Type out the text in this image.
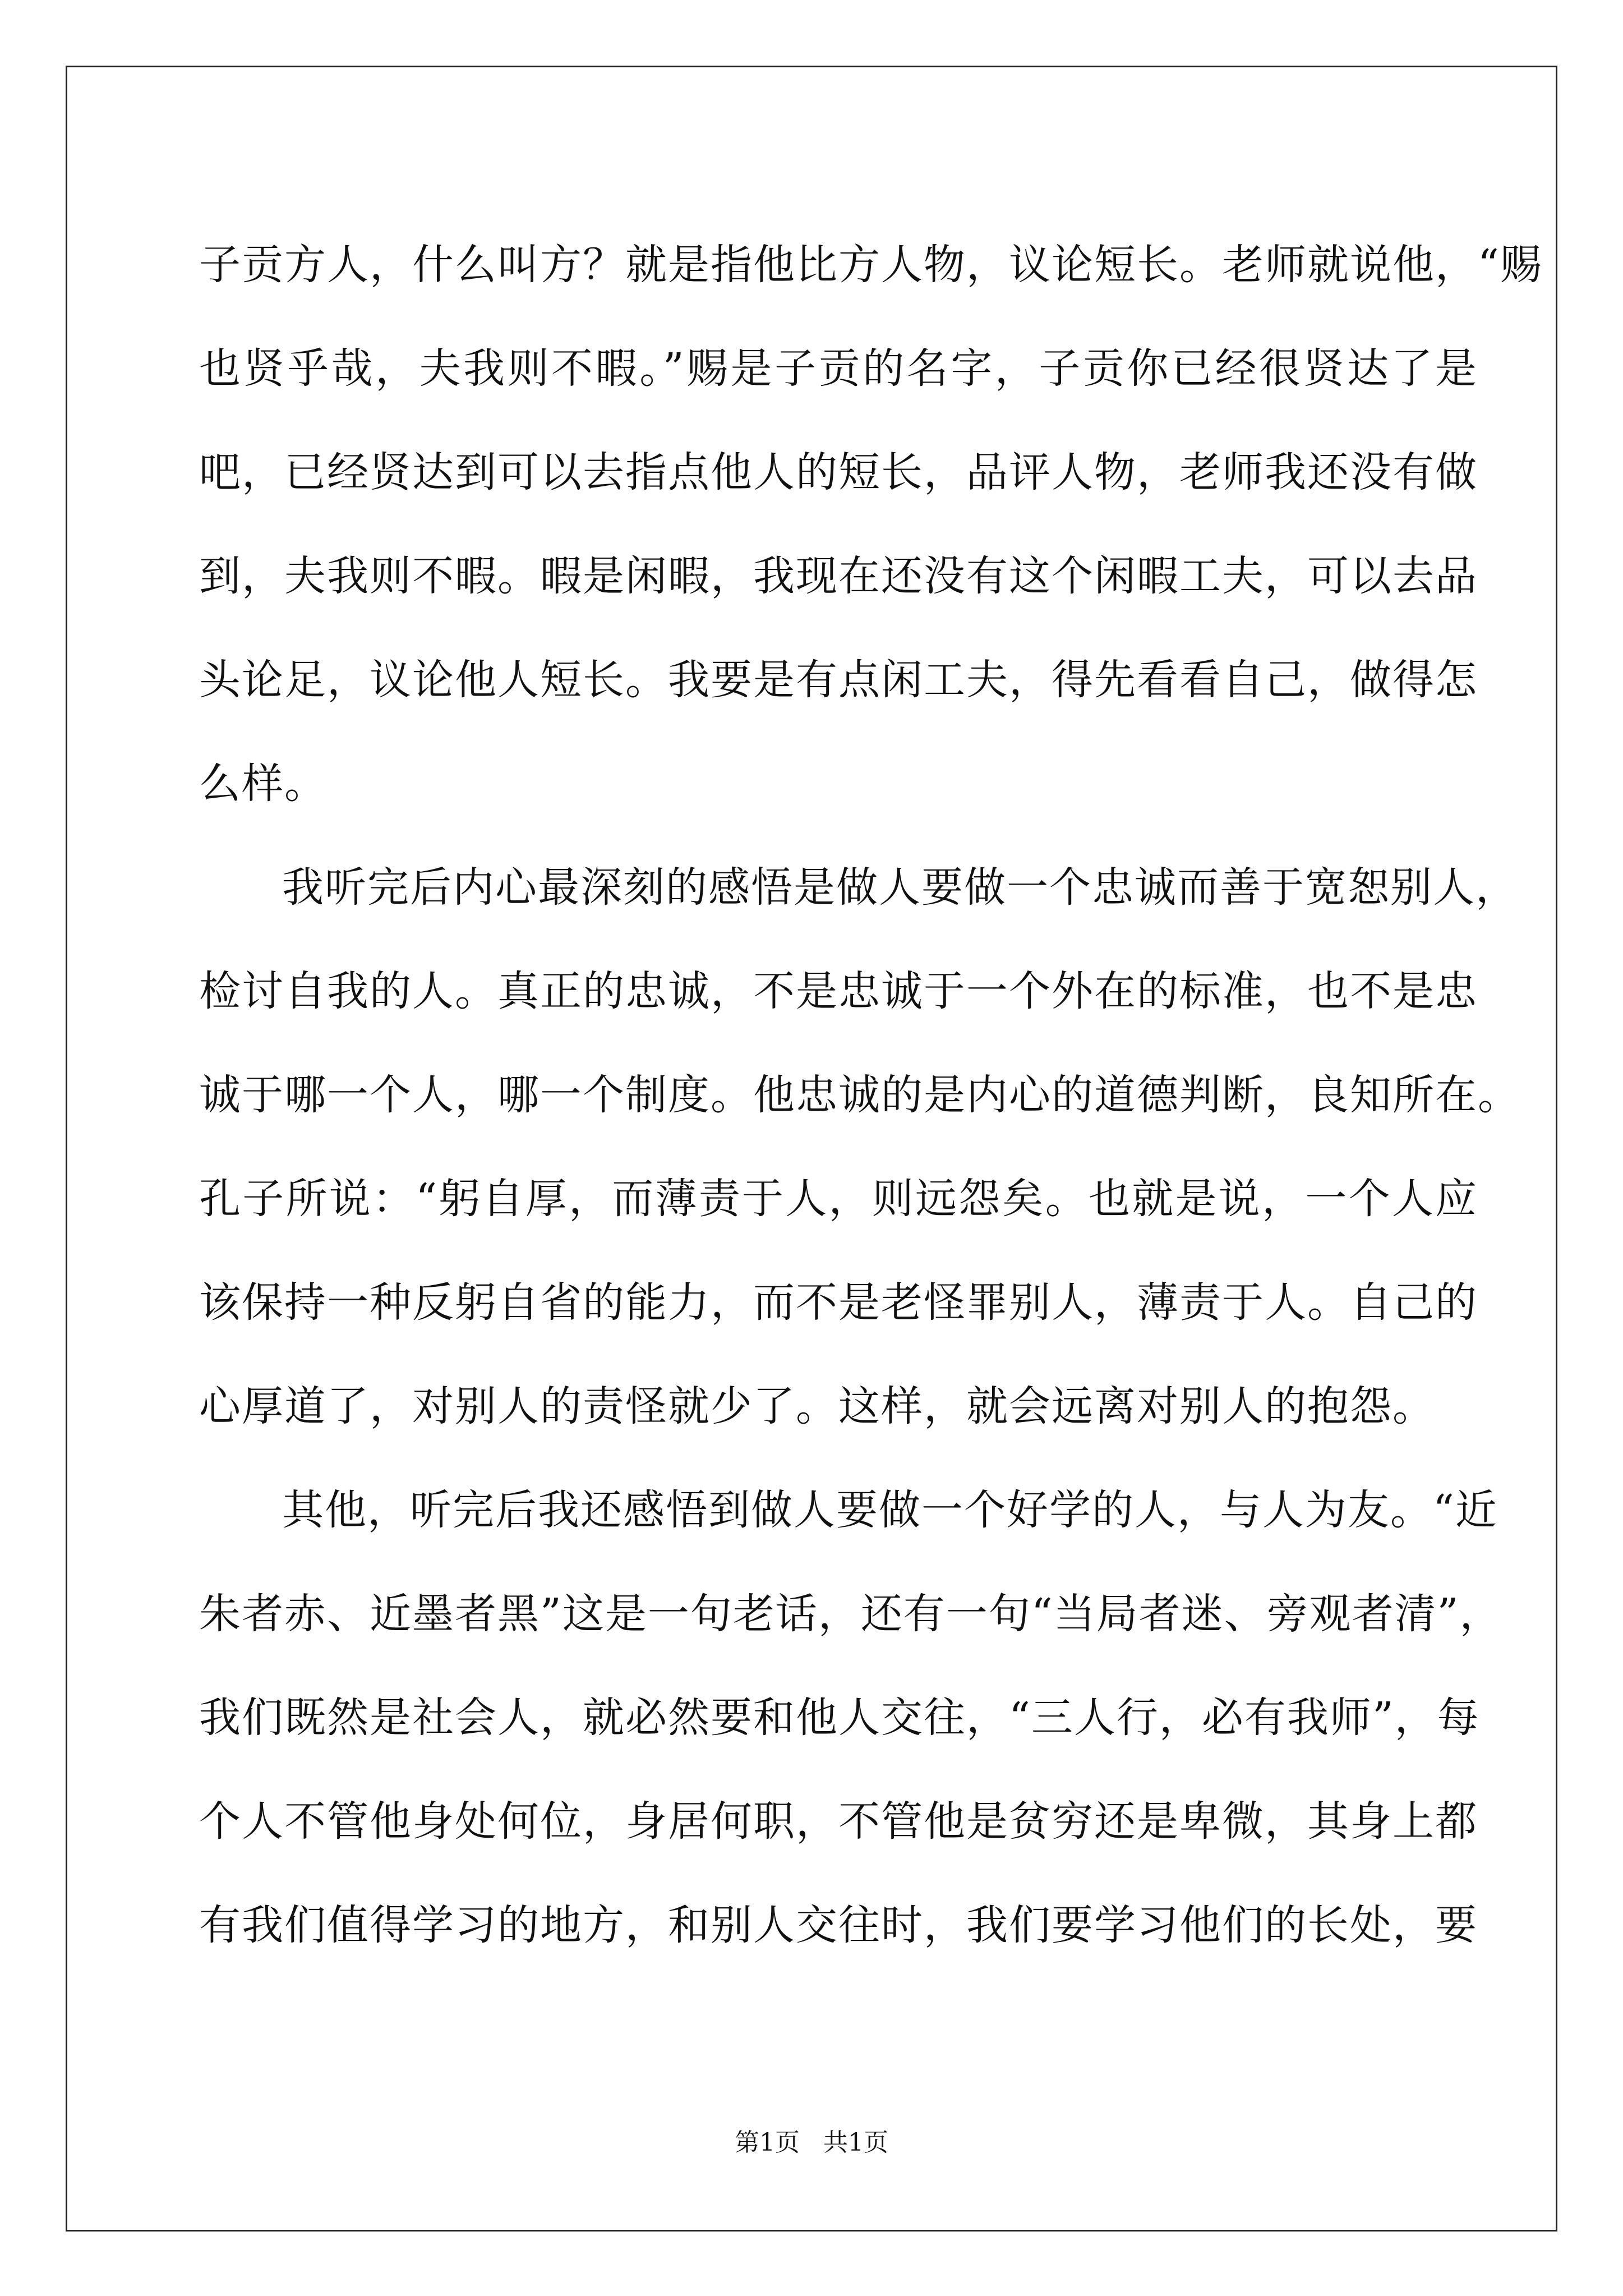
子贡方人，什么叫方？就是指他比方人物，议论短长。老师就说他，“赐
也贤乎哉，夫我则不暇。”赐是子贡的名字，子贡你已经很贤达了是
吧，已经贤达到可以去指点他人的短长，品评人物，老师我还没有做
到，夫我则不暇。暇是闲暇，我现在还没有这个闲暇工夫，可以去品
头论足，议论他人短长。我要是有点闲工夫，得先看看自己，做得怎
么样。
我听完后内心最深刻的感悟是做人要做一个忠诚而善于宽恕别人，
检讨自我的人。真正的忠诚，不是忠诚于一个外在的标准，也不是忠
诚于哪一个人，哪一个制度。他忠诚的是内心的道德判断，良知所在。
孔子所说：“躬自厚，而薄责于人，则远怨矣。也就是说，一个人应
该保持一种反躬自省的能力，而不是老怪罪别人，薄责于人。自己的
心厚道了，对别人的责怪就少了。这样，就会远离对别人的抱怨。
其他，听完后我还感悟到做人要做一个好学的人，与人为友。“近
朱者赤、近墨者黑”这是一句老话，还有一句“当局者迷、旁观者清”，
我们既然是社会人，就必然要和他人交往，“三人行，必有我师”，每
个人不管他身处何位，身居何职，不管他是贫穷还是卑微，其身上都
有我们值得学习的地方，和别人交往时，我们要学习他们的长处，要
第1页   共1页
